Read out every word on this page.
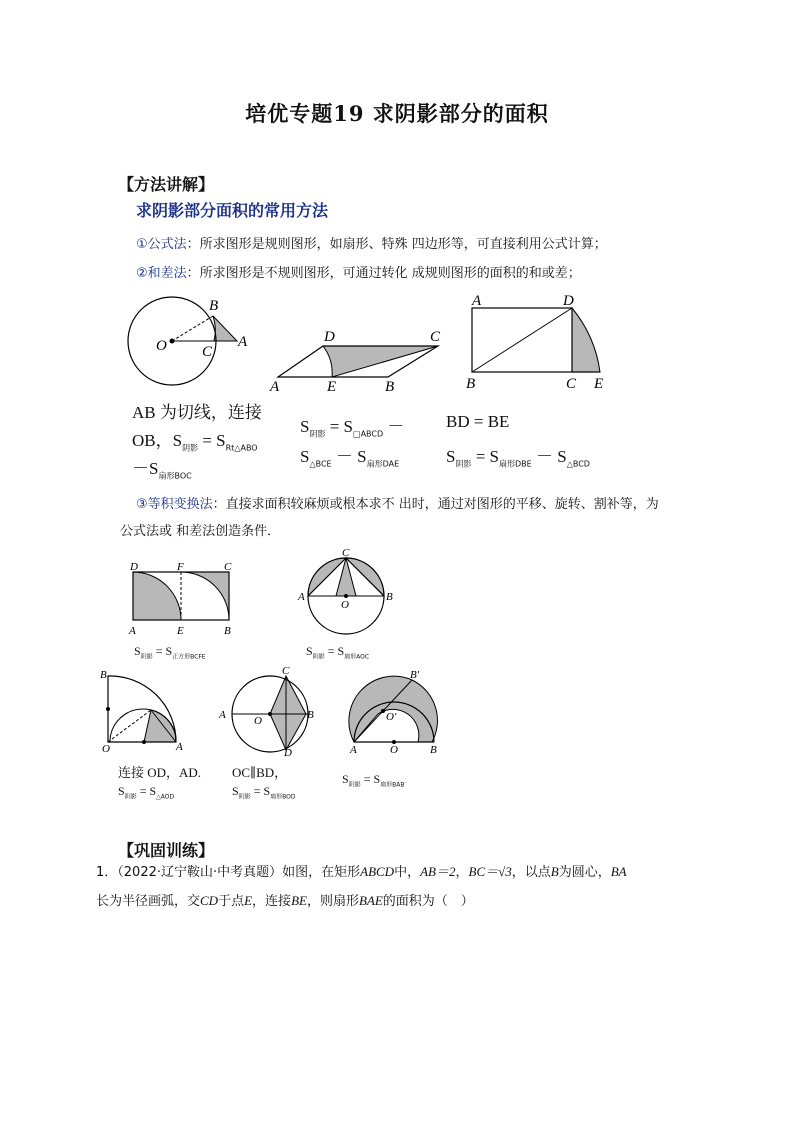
培优专题19 求阴影部分的面积
【方法讲解】
求阴影部分面积的常用方法
①公式法：所求图形是规则图形，如扇形、特殊 四边形等，可直接利用公式计算；
②和差法：所求图形是不规则图形，可通过转化 成规则图形的面积的和或差；
B
O C
A
AB 为切线，连接
OB，$S_{阴影} = S_{Rt\triangle ABO}$
$-S_{扇形BOC}$
D	C
A	E	B
$S_{阴影} = S_{□ABCD}$ －
$S_{\triangle BCE} - S_{扇形DAE}$
A	D
B	C E
BD = BE
$S_{阴影} = S_{扇形DBE} - S_{\triangle BCD}$
③等积变换法：直接求面积较麻烦或根本求不 出时，通过对图形的平移、旋转、割补等，为
公式法或 和差法创造条件．
D	F	C
A	E	B
$S_{阴影} = S_{正方形BCFE}$
C
A
O
B
$S_{阴影} = S_{扇形AOC}$
B
O	A
连接 OD，AD.
$S_{阴影} = S_{\triangle AOD}$
C
A	O	B
D
OC∥BD，
$S_{阴影} = S_{扇形BOD}$
B′
O′
A	O	B
$S_{阴影} = S_{扇形BAB'}$
【巩固训练】
1．（2022·辽宁鞍山·中考真题）如图，在矩形ABCD中，AB＝2，BC＝√3，以点B为圆心，BA
长为半径画弧，交CD于点E，连接BE，则扇形BAE的面积为（　）
